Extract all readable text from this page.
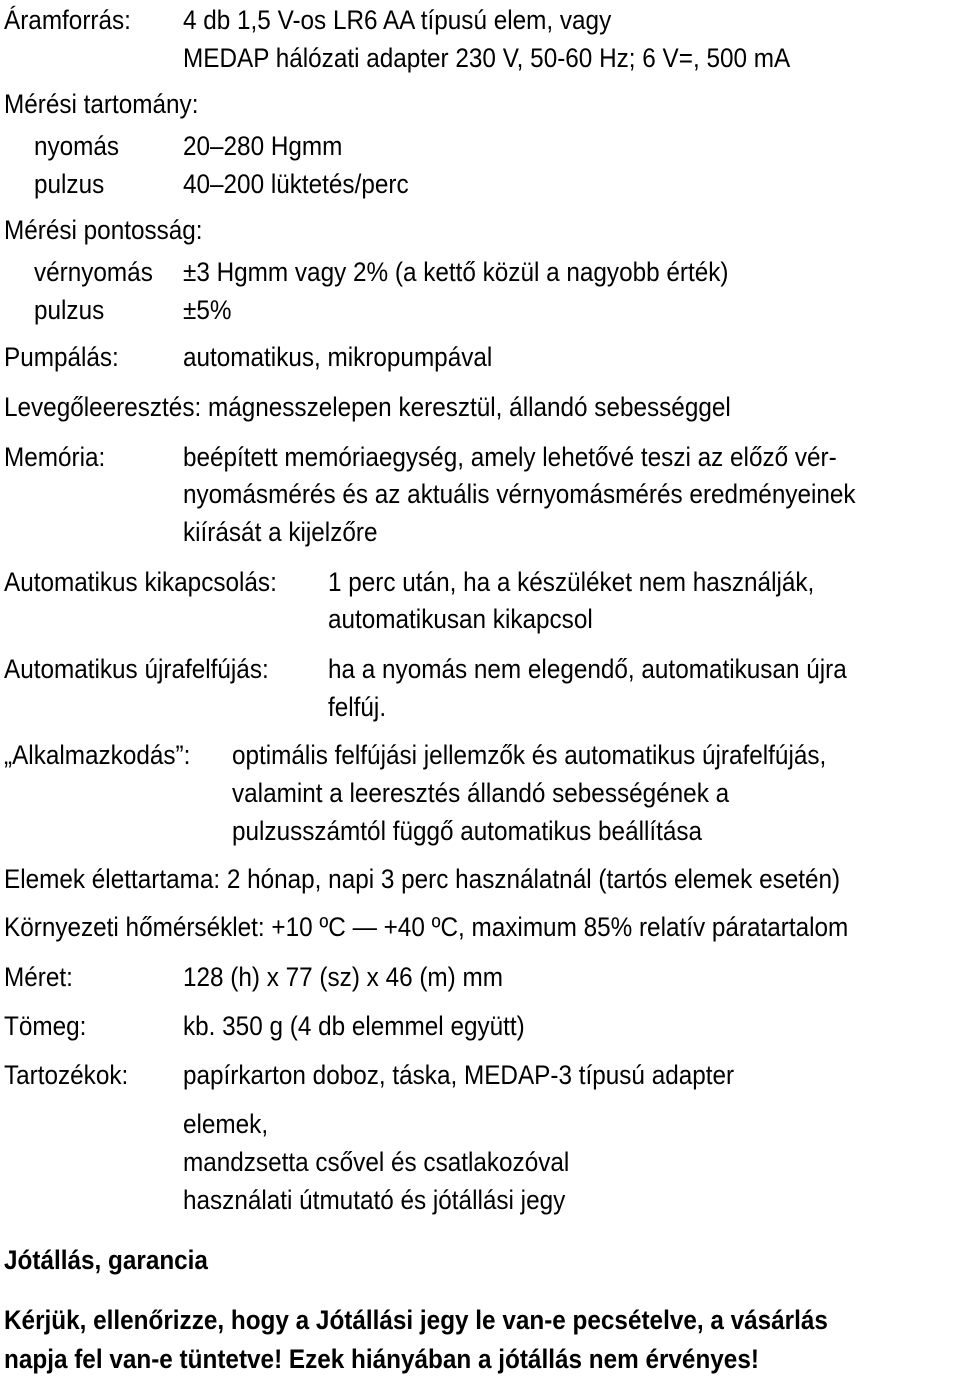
Áramforrás: 4 db 1,5 V-os LR6 AA típusú elem, vagy
MEDAP hálózati adapter 230 V, 50-60 Hz; 6 V=, 500 mA
Mérési tartomány:
nyomás 20–280 Hgmm
pulzus	40–200 lüktetés/perc
Mérési pontosság:
vérnyomás ±3 Hgmm vagy 2% (a kettő közül a nagyobb érték)
pulzus	±5%
Pumpálás: automatikus, mikropumpával
Levegőleeresztés: mágnesszelepen keresztül, állandó sebességgel
Memória:	beépített memóriaegység, amely lehetővé teszi az előző vér-
nyomásmérés és az aktuális vérnyomásmérés eredményeinek
kiírását a kijelzőre
Automatikus kikapcsolás: 1 perc után, ha a készüléket nem használják,
automatikusan kikapcsol
Automatikus újrafelfújás: ha a nyomás nem elegendő, automatikusan újra
felfúj.
„Alkalmazkodás”: optimális felfújási jellemzők és automatikus újrafelfújás,
valamint a leeresztés állandó sebességének a
pulzusszámtól függő automatikus beállítása
Elemek élettartama: 2 hónap, napi 3 perc használatnál (tartós elemek esetén)
Környezeti hőmérséklet: +10 ºC — +40 ºC, maximum 85% relatív páratartalom
Méret:	128 (h) x 77 (sz) x 46 (m) mm
Tömeg:	kb. 350 g (4 db elemmel együtt)
Tartozékok: papírkarton doboz, táska, MEDAP-3 típusú adapter
elemek,
mandzsetta csővel és csatlakozóval
használati útmutató és jótállási jegy
Jótállás, garancia
Kérjük, ellenőrizze, hogy a Jótállási jegy le van-e pecsételve, a vásárlás
napja fel van-e tüntetve! Ezek hiányában a jótállás nem érvényes!
